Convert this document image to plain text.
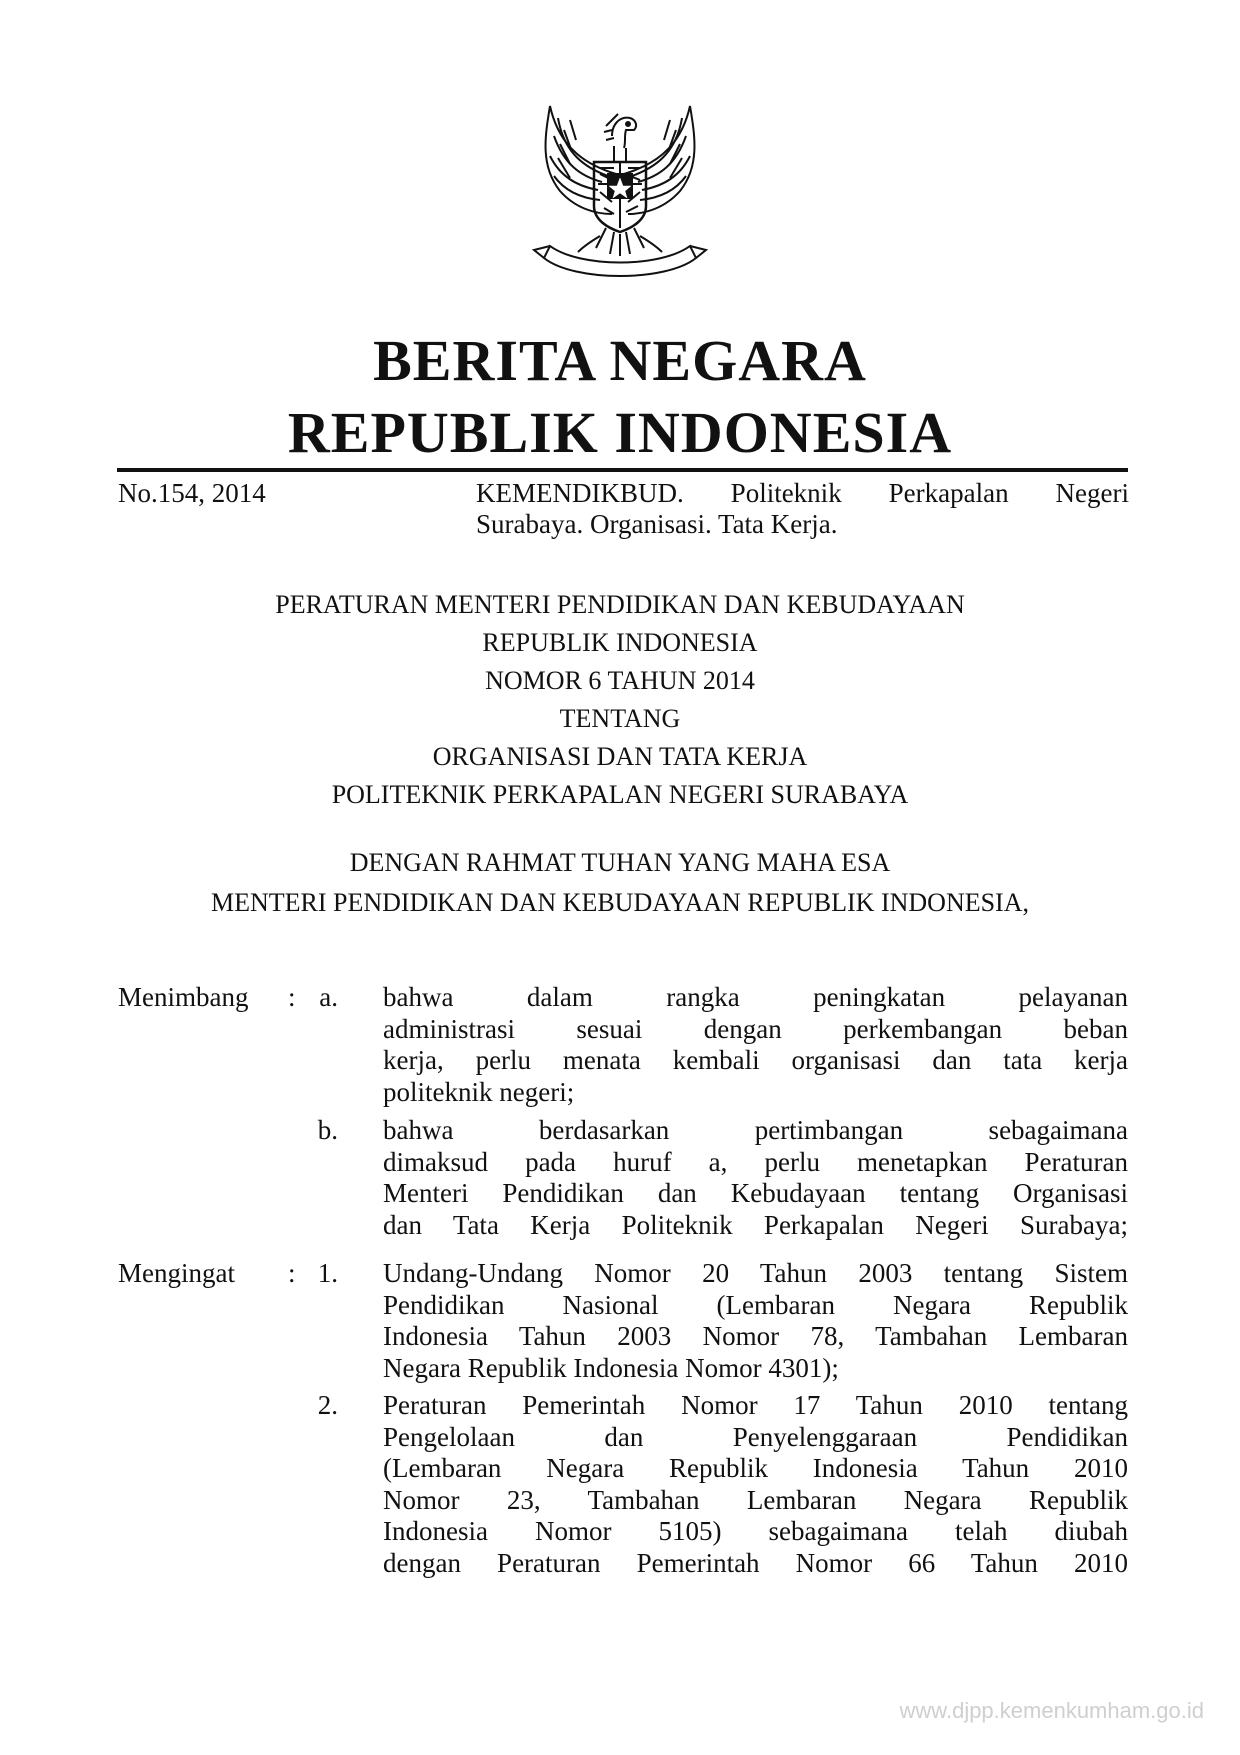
BERITA NEGARA
REPUBLIK INDONESIA
No.154, 2014	KEMENDIKBUD. Politeknik Perkapalan Negeri
Surabaya. Organisasi. Tata Kerja.
PERATURAN MENTERI PENDIDIKAN DAN KEBUDAYAAN
REPUBLIK INDONESIA
NOMOR 6 TAHUN 2014
TENTANG
ORGANISASI DAN TATA KERJA
POLITEKNIK PERKAPALAN NEGERI SURABAYA
DENGAN RAHMAT TUHAN YANG MAHA ESA
MENTERI PENDIDIKAN DAN KEBUDAYAAN REPUBLIK INDONESIA,
Menimbang : a. bahwa dalam rangka peningkatan pelayanan
administrasi sesuai dengan perkembangan beban
kerja, perlu menata kembali organisasi dan tata kerja
politeknik negeri;
b. bahwa berdasarkan pertimbangan sebagaimana
dimaksud pada huruf a, perlu menetapkan Peraturan
Menteri Pendidikan dan Kebudayaan tentang Organisasi
dan Tata Kerja Politeknik Perkapalan Negeri Surabaya;
Mengingat : 1. Undang-Undang Nomor 20 Tahun 2003 tentang Sistem
Pendidikan Nasional (Lembaran Negara Republik
Indonesia Tahun 2003 Nomor 78, Tambahan Lembaran
Negara Republik Indonesia Nomor 4301);
2. Peraturan Pemerintah Nomor 17 Tahun 2010 tentang
Pengelolaan dan Penyelenggaraan Pendidikan
(Lembaran Negara Republik Indonesia Tahun 2010
Nomor 23, Tambahan Lembaran Negara Republik
Indonesia Nomor 5105) sebagaimana telah diubah
dengan Peraturan Pemerintah Nomor 66 Tahun 2010
www.djpp.kemenkumham.go.id
